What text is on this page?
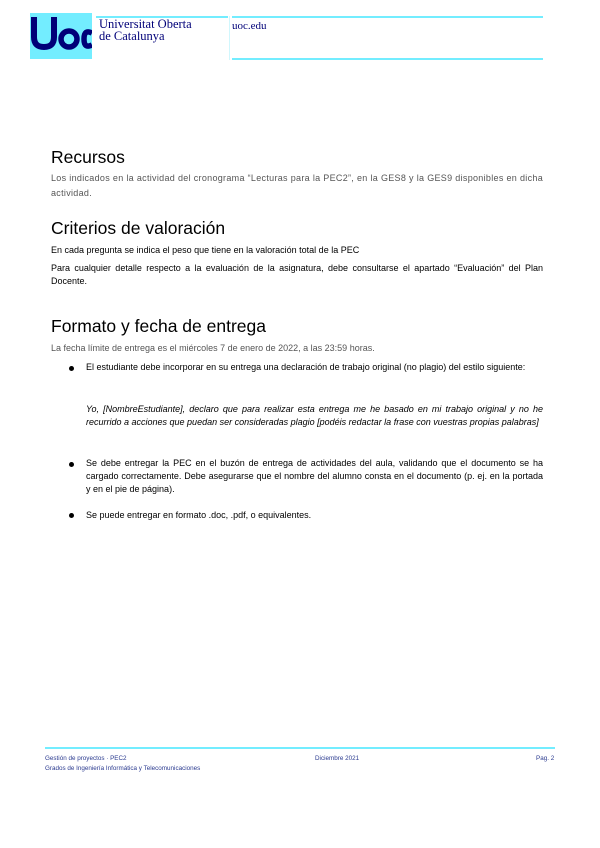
Universitat Oberta
de Catalunya
uoc.edu
Recursos

Los indicados en la actividad del cronograma “Lecturas para la PEC2”, en la GES8 y la GES9 disponibles en dicha actividad.

Criterios de valoración

En cada pregunta se indica el peso que tiene en la valoración total de la PEC

Para cualquier detalle respecto a la evaluación de la asignatura, debe consultarse el apartado “Evaluación” del Plan Docente.

Formato y fecha de entrega

La fecha límite de entrega es el miércoles 7 de enero de 2022, a las 23:59 horas.

El estudiante debe incorporar en su entrega una declaración de trabajo original (no plagio) del estilo siguiente:

Yo, [NombreEstudiante], declaro que para realizar esta entrega me he basado en mi trabajo original y no he recurrido a acciones que puedan ser consideradas plagio [podéis redactar la frase con vuestras propias palabras]

Se debe entregar la PEC en el buzón de entrega de actividades del aula, validando que el documento se ha cargado correctamente. Debe asegurarse que el nombre del alumno consta en el documento (p. ej. en la portada y en el pie de página).

Se puede entregar en formato .doc, .pdf, o equivalentes.

Gestión de proyectos · PEC2
Grados de Ingeniería Informática y Telecomunicaciones
Diciembre 2021	Pag. 2
